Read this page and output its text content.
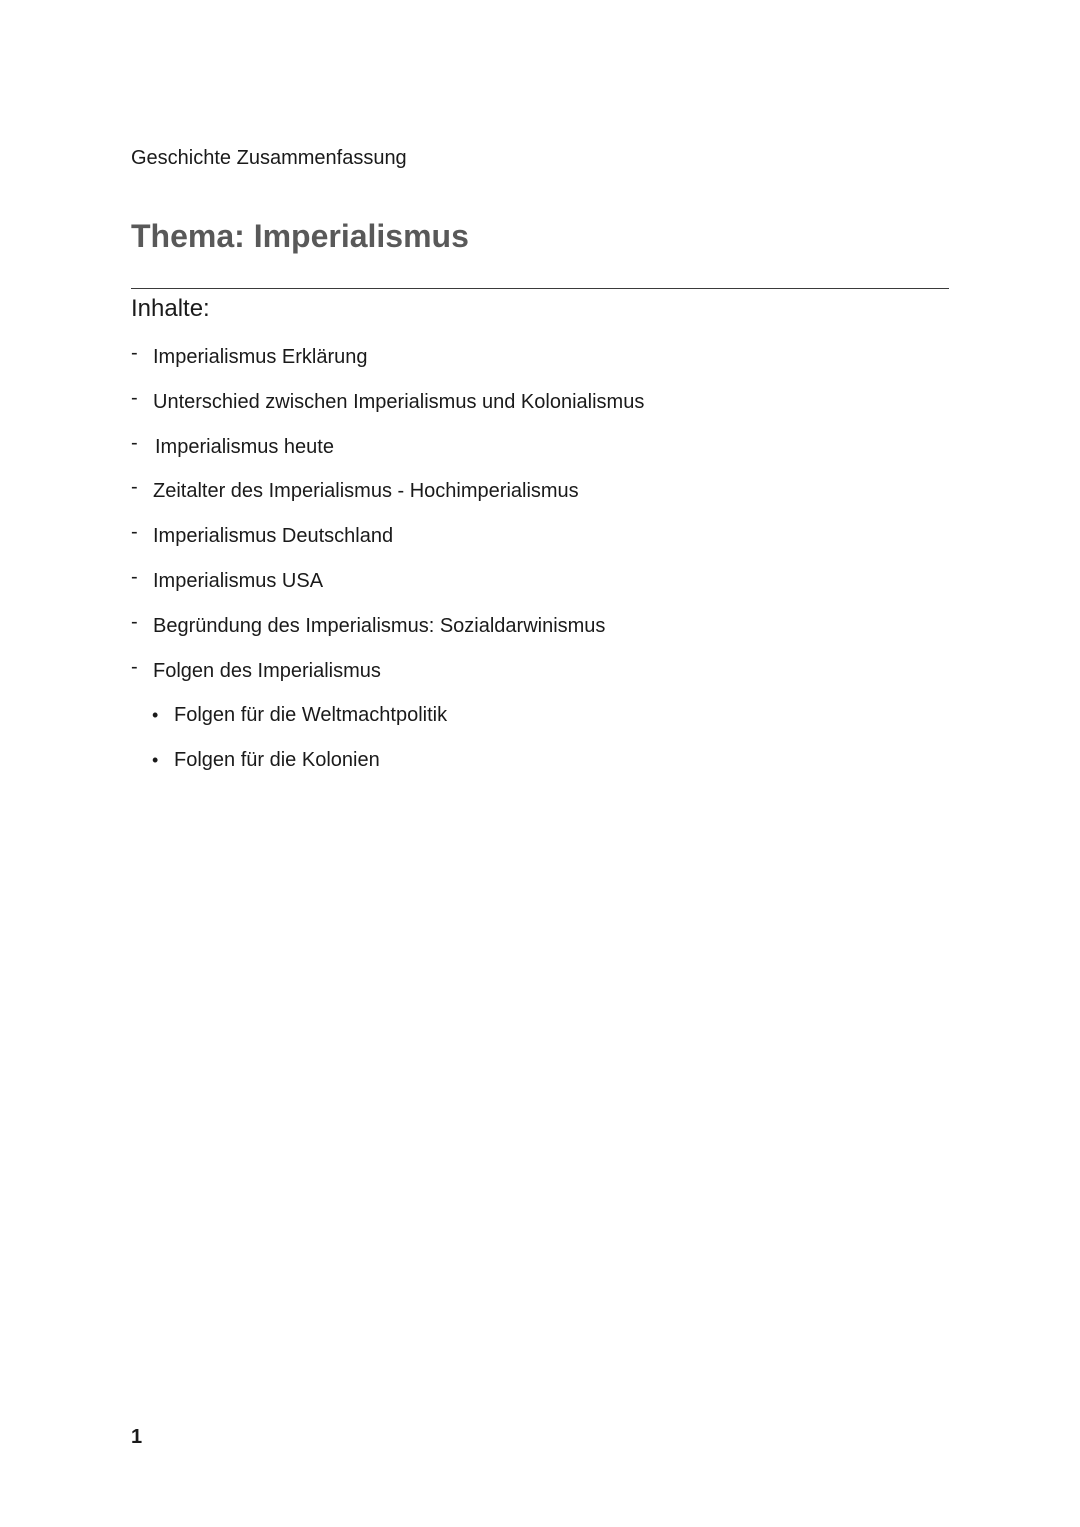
Geschichte Zusammenfassung
Thema: Imperialismus
Inhalte:
- Imperialismus Erklärung
- Unterschied zwischen Imperialismus und Kolonialismus
- Imperialismus heute
- Zeitalter des Imperialismus - Hochimperialismus
- Imperialismus Deutschland
- Imperialismus USA
- Begründung des Imperialismus: Sozialdarwinismus
- Folgen des Imperialismus
• Folgen für die Weltmachtpolitik
• Folgen für die Kolonien
1
